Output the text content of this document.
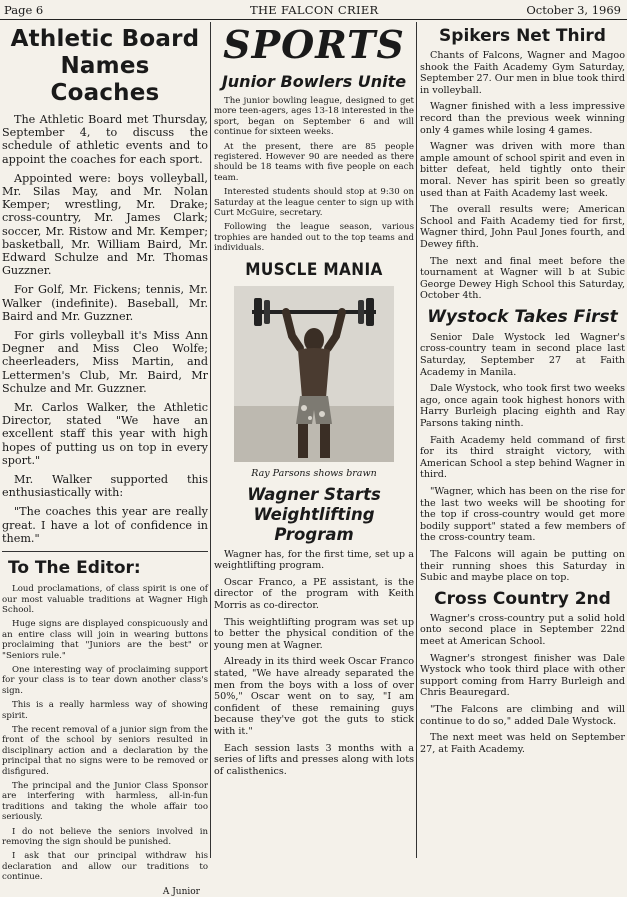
Page 6	THE FALCON CRIER	October 3, 1969
Athletic Board Names Coaches

The Athletic Board met Thursday, September 4, to discuss the schedule of athletic events and to appoint the coaches for each sport.

Appointed were: boys volleyball, Mr. Silas May, and Mr. Nolan Kemper; wrestling, Mr. Drake; cross-country, Mr. James Clark; soccer, Mr. Ristow and Mr. Kemper; basketball, Mr. William Baird, Mr. Edward Schulze and Mr. Thomas Guzzner.

For Golf, Mr. Fickens; tennis, Mr. Walker (indefinite). Baseball, Mr. Baird and Mr. Guzzner.

For girls volleyball it's Miss Ann Degner and Miss Cleo Wolfe; cheerleaders, Miss Martin, and Lettermen's Club, Mr. Baird, Mr Schulze and Mr. Guzzner.

Mr. Carlos Walker, the Athletic Director, stated "We have an excellent staff this year with high hopes of putting us on top in every sport."

Mr. Walker supported this enthusiastically with:

"The coaches this year are really great. I have a lot of confidence in them."

To The Editor:

Loud proclamations, of class spirit is one of our most valuable traditions at Wagner High School.

Huge signs are displayed conspicuously and an entire class will join in wearing buttons proclaiming that "Juniors are the best" or "Seniors rule."

One interesting way of proclaiming support for your class is to tear down another class's sign.

This is a really harmless way of showing spirit.

The recent removal of a junior sign from the front of the school by seniors resulted in disciplinary action and a declaration by the principal that no signs were to be removed or disfigured.

The principal and the Junior Class Sponsor are interfering with harmless, all-in-fun traditions and taking the whole affair too seriously.

I do not believe the seniors involved in removing the sign should be punished.

I ask that our principal withdraw his declaration and allow our traditions to continue.

A Junior
SPORTS
Junior Bowlers Unite

The junior bowling league, designed to get more teen-agers, ages 13-18 interested in the sport, began on September 6 and will continue for sixteen weeks.

At the present, there are 85 people registered. However 90 are needed as there should be 18 teams with five people on each team.

Interested students should stop at 9:30 on Saturday at the league center to sign up with Curt McGuire, secretary.

Following the league season, various trophies are handed out to the top teams and individuals.

MUSCLE MANIA
Ray Parsons shows brawn
Wagner Starts Weightlifting Program

Wagner has, for the first time, set up a weightlifting program.

Oscar Franco, a PE assistant, is the director of the program with Keith Morris as co-director.

This weightlifting program was set up to better the physical condition of the young men at Wagner.

Already in its third week Oscar Franco stated, "We have already separated the men from the boys with a loss of over 50%," Oscar went on to say, "I am confident of these remaining guys because they've got the guts to stick with it."

Each session lasts 3 months with a series of lifts and presses along with lots of calisthenics.

Spikers Net Third

Chants of Falcons, Wagner and Magoo shook the Faith Academy Gym Saturday, September 27. Our men in blue took third in volleyball.

Wagner finished with a less impressive record than the previous week winning only 4 games while losing 4 games.

Wagner was driven with more than ample amount of school spirit and even in bitter defeat, held tightly onto their moral. Never has spirit been so greatly used than at Faith Academy last week.

The overall results were; American School and Faith Academy tied for first, Wagner third, John Paul Jones fourth, and Dewey fifth.

The next and final meet before the tournament at Wagner will b at Subic George Dewey High School this Saturday, October 4th.

Wystock Takes First

Senior Dale Wystock led Wagner's cross-country team in second place last Saturday, September 27 at Faith Academy in Manila.

Dale Wystock, who took first two weeks ago, once again took highest honors with Harry Burleigh placing eighth and Ray Parsons taking ninth.

Faith Academy held command of first for its third straight victory, with American School a step behind Wagner in third.

"Wagner, which has been on the rise for the last two weeks will be shooting for the top if cross-country would get more bodily support" stated a few members of the cross-country team.

The Falcons will again be putting on their running shoes this Saturday in Subic and maybe place on top.

Cross Country 2nd

Wagner's cross-country put a solid hold onto second place in September 22nd meet at American School.

Wagner's strongest finisher was Dale Wystock who took third place with other support coming from Harry Burleigh and Chris Beauregard.

"The Falcons are climbing and will continue to do so," added Dale Wystock.

The next meet was held on September 27, at Faith Academy.
